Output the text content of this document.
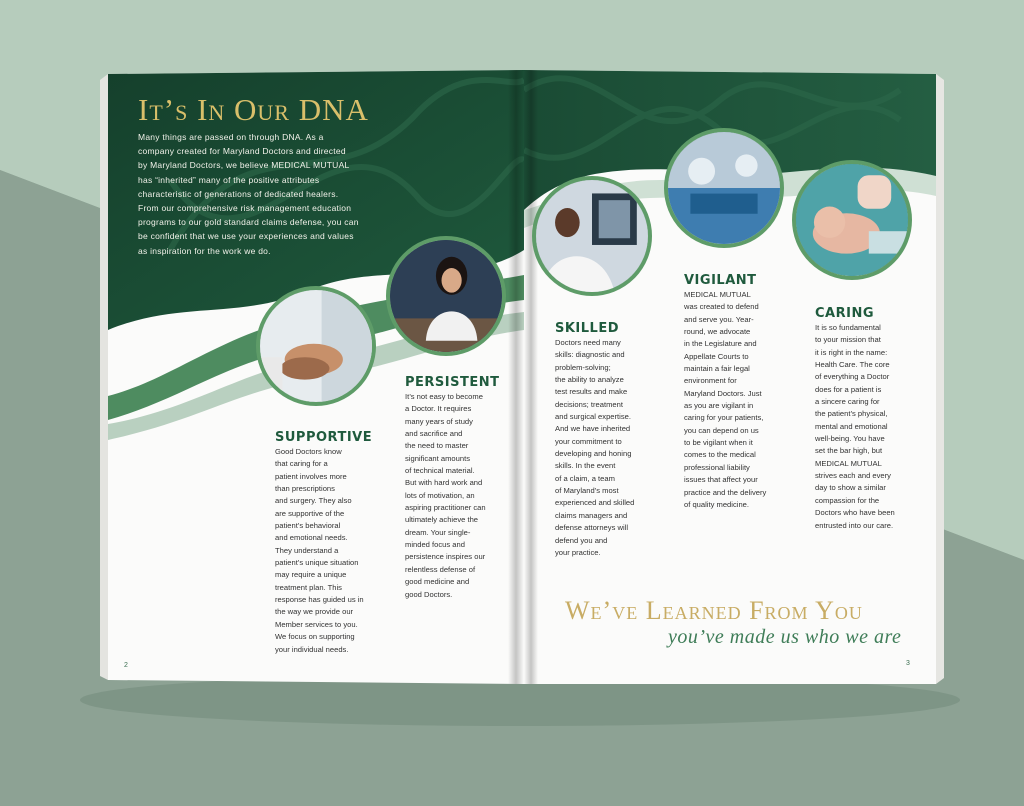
It’s In Our DNA
Many things are passed on through DNA. As a
company created for Maryland Doctors and directed
by Maryland Doctors, we believe MEDICAL MUTUAL
has “inherited” many of the positive attributes
characteristic of generations of dedicated healers.
From our comprehensive risk management education
programs to our gold standard claims defense, you can
be confident that we use your experiences and values
as inspiration for the work we do.
SUPPORTIVE
Good Doctors know
that caring for a
patient involves more
than prescriptions
and surgery. They also
are supportive of the
patient’s behavioral
and emotional needs.
They understand a
patient’s unique situation
may require a unique
treatment plan. This
response has guided us in
the way we provide our
Member services to you.
We focus on supporting
your individual needs.
PERSISTENT
It’s not easy to become
a Doctor. It requires
many years of study
and sacrifice and
the need to master
significant amounts
of technical material.
But with hard work and
lots of motivation, an
aspiring practitioner can
ultimately achieve the
dream. Your single-
minded focus and
persistence inspires our
relentless defense of
good medicine and
good Doctors.
SKILLED
Doctors need many
skills: diagnostic and
problem-solving;
the ability to analyze
test results and make
decisions; treatment
and surgical expertise.
And we have inherited
your commitment to
developing and honing
skills. In the event
of a claim, a team
of Maryland’s most
experienced and skilled
claims managers and
defense attorneys will
defend you and
your practice.
VIGILANT
MEDICAL MUTUAL
was created to defend
and serve you. Year-
round, we advocate
in the Legislature and
Appellate Courts to
maintain a fair legal
environment for
Maryland Doctors. Just
as you are vigilant in
caring for your patients,
you can depend on us
to be vigilant when it
comes to the medical
professional liability
issues that affect your
practice and the delivery
of quality medicine.
CARING
It is so fundamental
to your mission that
it is right in the name:
Health Care. The core
of everything a Doctor
does for a patient is
a sincere caring for
the patient’s physical,
mental and emotional
well-being. You have
set the bar high, but
MEDICAL MUTUAL
strives each and every
day to show a similar
compassion for the
Doctors who have been
entrusted into our care.
We’ve Learned From You
you’ve made us who we are
2	3
